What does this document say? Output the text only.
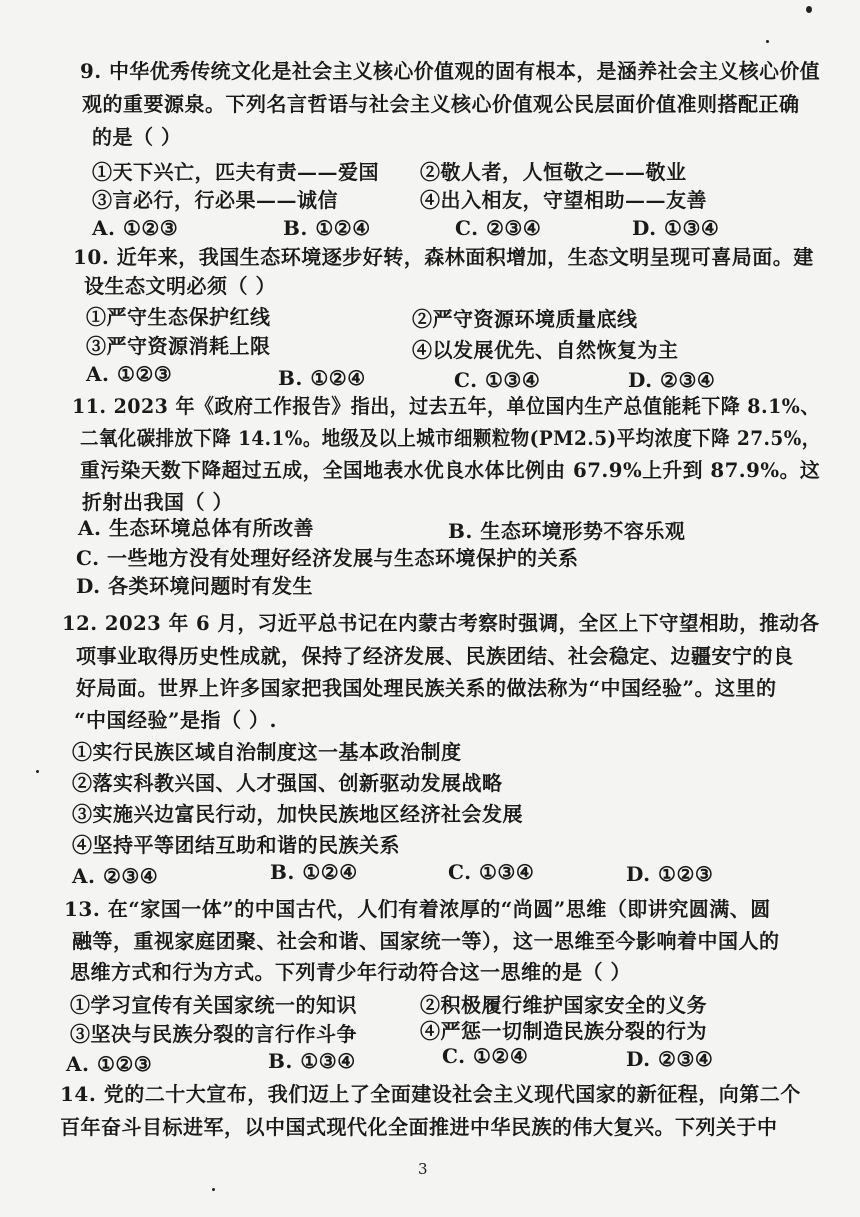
9. 中华优秀传统文化是社会主义核心价值观的固有根本，是涵养社会主义核心价值
观的重要源泉。下列名言哲语与社会主义核心价值观公民层面价值准则搭配正确
的是（ ）
①天下兴亡，匹夫有责——爱国 ②敬人者，人恒敬之——敬业
③言必行，行必果——诚信	④出入相友，守望相助——友善
A. ①②③	B. ①②④	C. ②③④	D. ①③④
10. 近年来，我国生态环境逐步好转，森林面积增加，生态文明呈现可喜局面。建
设生态文明必须（ ）
①严守生态保护红线	②严守资源环境质量底线
③严守资源消耗上限	④以发展优先、自然恢复为主
A. ①②③	B. ①②④	C. ①③④	D. ②③④
11. 2023 年《政府工作报告》指出，过去五年，单位国内生产总值能耗下降 8.1%、
二氧化碳排放下降 14.1%。地级及以上城市细颗粒物(PM2.5)平均浓度下降 27.5%，
重污染天数下降超过五成，全国地表水优良水体比例由 67.9%上升到 87.9%。这
折射出我国（ ）
A. 生态环境总体有所改善	B. 生态环境形势不容乐观
C. 一些地方没有处理好经济发展与生态环境保护的关系
D. 各类环境问题时有发生
12. 2023 年 6 月，习近平总书记在内蒙古考察时强调，全区上下守望相助，推动各
项事业取得历史性成就，保持了经济发展、民族团结、社会稳定、边疆安宁的良
好局面。世界上许多国家把我国处理民族关系的做法称为“中国经验”。这里的
“中国经验”是指（ ）.
①实行民族区域自治制度这一基本政治制度
②落实科教兴国、人才强国、创新驱动发展战略
③实施兴边富民行动，加快民族地区经济社会发展
④坚持平等团结互助和谐的民族关系
A. ②③④	B. ①②④	C. ①③④	D. ①②③
13. 在“家国一体”的中国古代，人们有着浓厚的“尚圆”思维（即讲究圆满、圆
融等，重视家庭团聚、社会和谐、国家统一等），这一思维至今影响着中国人的
思维方式和行为方式。下列青少年行动符合这一思维的是（ ）
①学习宣传有关国家统一的知识	②积极履行维护国家安全的义务
③坚决与民族分裂的言行作斗争	④严惩一切制造民族分裂的行为
A. ①②③	B. ①③④	C. ①②④	D. ②③④
14. 党的二十大宣布，我们迈上了全面建设社会主义现代国家的新征程，向第二个
百年奋斗目标进军，以中国式现代化全面推进中华民族的伟大复兴。下列关于中
3
